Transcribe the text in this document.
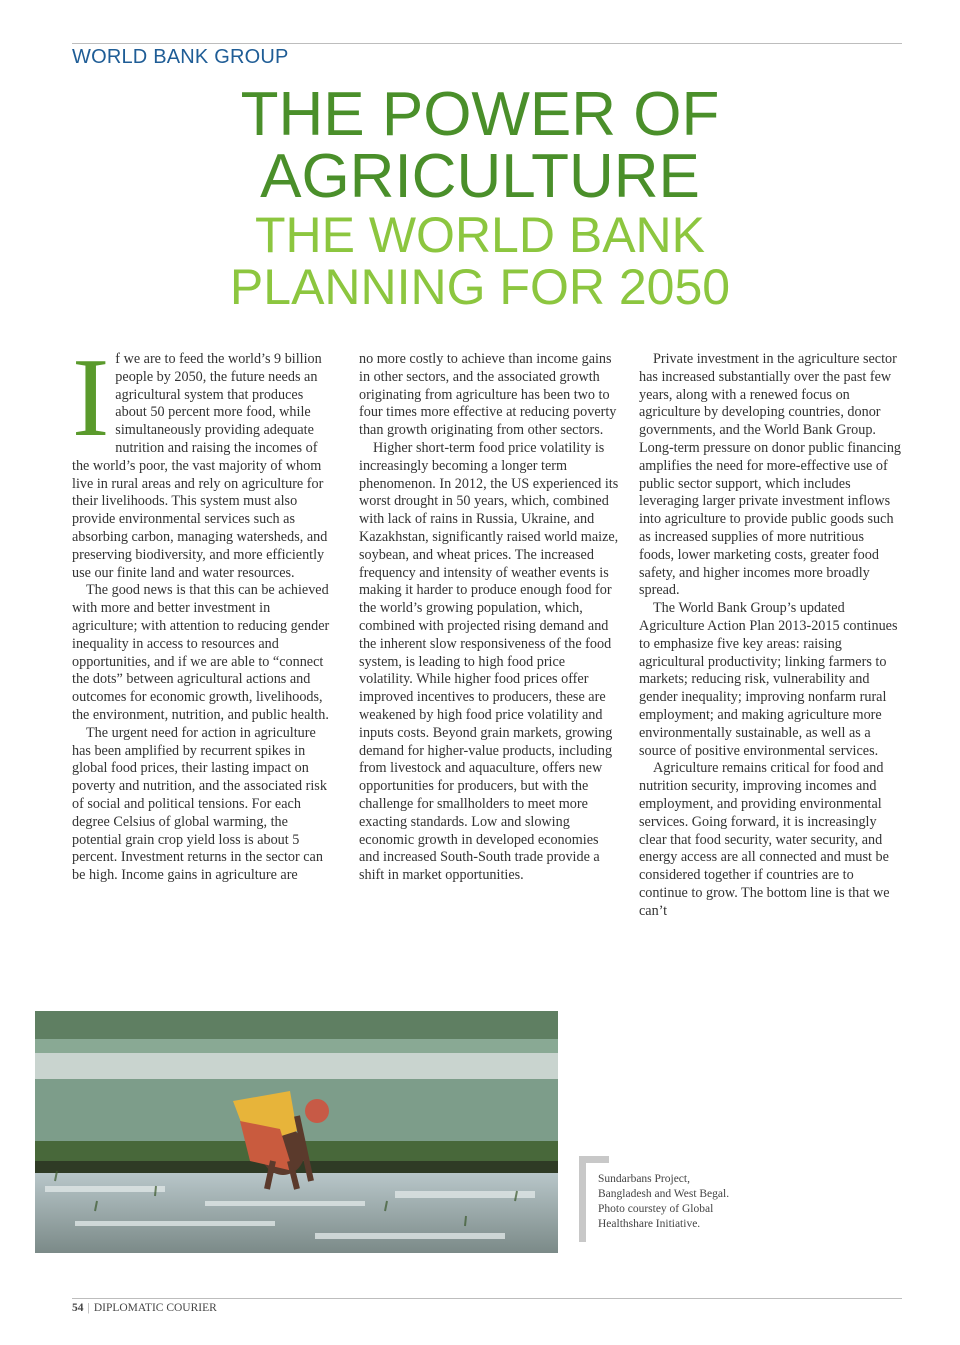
WORLD BANK GROUP
THE POWER OF
AGRICULTURE
THE WORLD BANK
PLANNING FOR 2050
I f we are to feed the world’s 9 billion people by 2050, the future needs an agricultural system that produces about 50 percent more food, while simultaneously providing adequate nutrition and raising the incomes of the world’s poor, the vast majority of whom live in rural areas and rely on agriculture for their livelihoods. This system must also provide environmental services such as absorbing carbon, managing watersheds, and preserving biodiversity, and more efficiently use our finite land and water resources.

The good news is that this can be achieved with more and better investment in agriculture; with attention to reducing gender inequality in access to resources and opportunities, and if we are able to “connect the dots” between agricultural actions and outcomes for economic growth, livelihoods, the environment, nutrition, and public health.

The urgent need for action in agriculture has been amplified by recurrent spikes in global food prices, their lasting impact on poverty and nutrition, and the associated risk of social and political tensions. For each degree Celsius of global warming, the potential grain crop yield loss is about 5 percent. Investment returns in the sector can be high. Income gains in agriculture are

no more costly to achieve than income gains in other sectors, and the associated growth originating from agriculture has been two to four times more effective at reducing poverty than growth originating from other sectors.

Higher short-term food price volatility is increasingly becoming a longer term phenomenon. In 2012, the US experienced its worst drought in 50 years, which, combined with lack of rains in Russia, Ukraine, and Kazakhstan, significantly raised world maize, soybean, and wheat prices. The increased frequency and intensity of weather events is making it harder to produce enough food for the world’s growing population, which, combined with projected rising demand and the inherent slow responsiveness of the food system, is leading to high food price volatility. While higher food prices offer improved incentives to producers, these are weakened by high food price volatility and inputs costs. Beyond grain markets, growing demand for higher-value products, including from livestock and aquaculture, offers new opportunities for producers, but with the challenge for smallholders to meet more exacting standards. Low and slowing economic growth in developed economies and increased South-South trade provide a shift in market opportunities.

Private investment in the agriculture sector has increased substantially over the past few years, along with a renewed focus on agriculture by developing countries, donor governments, and the World Bank Group. Long-term pressure on donor public financing amplifies the need for more-effective use of public sector support, which includes leveraging larger private investment inflows into agriculture to provide public goods such as increased supplies of more nutritious foods, lower marketing costs, greater food safety, and higher incomes more broadly spread.

The World Bank Group’s updated Agriculture Action Plan 2013-2015 continues to emphasize five key areas: raising agricultural productivity; linking farmers to markets; reducing risk, vulnerability and gender inequality; improving nonfarm rural employment; and making agriculture more environmentally sustainable, as well as a source of positive environmental services.

Agriculture remains critical for food and nutrition security, improving incomes and employment, and providing environmental services. Going forward, it is increasingly clear that food security, water security, and energy access are all connected and must be considered together if countries are to continue to grow. The bottom line is that we can’t

Sundarbans Project,
Bangladesh and West Begal.
Photo courstey of Global
Healthshare Initiative.
54 | DIPLOMATIC COURIER
